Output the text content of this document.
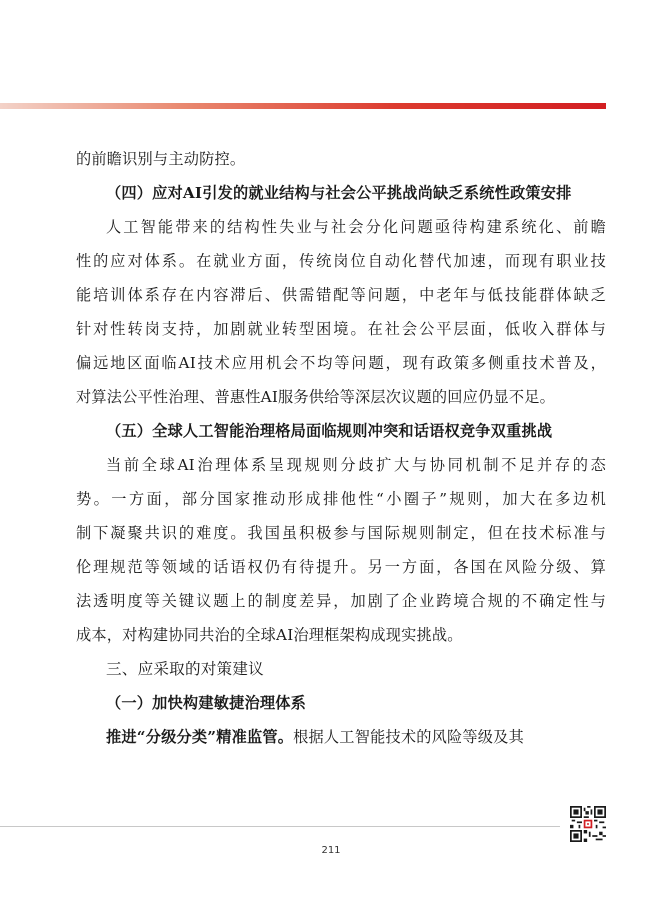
的前瞻识别与主动防控。
（四）应对AI引发的就业结构与社会公平挑战尚缺乏系统性政策安排
人工智能带来的结构性失业与社会分化问题亟待构建系统化、前瞻
性的应对体系。在就业方面，传统岗位自动化替代加速，而现有职业技
能培训体系存在内容滞后、供需错配等问题，中老年与低技能群体缺乏
针对性转岗支持，加剧就业转型困境。在社会公平层面，低收入群体与
偏远地区面临AI技术应用机会不均等问题，现有政策多侧重技术普及，
对算法公平性治理、普惠性AI服务供给等深层次议题的回应仍显不足。
（五）全球人工智能治理格局面临规则冲突和话语权竞争双重挑战
当前全球AI治理体系呈现规则分歧扩大与协同机制不足并存的态
势。一方面，部分国家推动形成排他性“小圈子”规则，加大在多边机
制下凝聚共识的难度。我国虽积极参与国际规则制定，但在技术标准与
伦理规范等领域的话语权仍有待提升。另一方面，各国在风险分级、算
法透明度等关键议题上的制度差异，加剧了企业跨境合规的不确定性与
成本，对构建协同共治的全球AI治理框架构成现实挑战。
三、应采取的对策建议
（一）加快构建敏捷治理体系
推进“分级分类”精准监管。根据人工智能技术的风险等级及其
211
